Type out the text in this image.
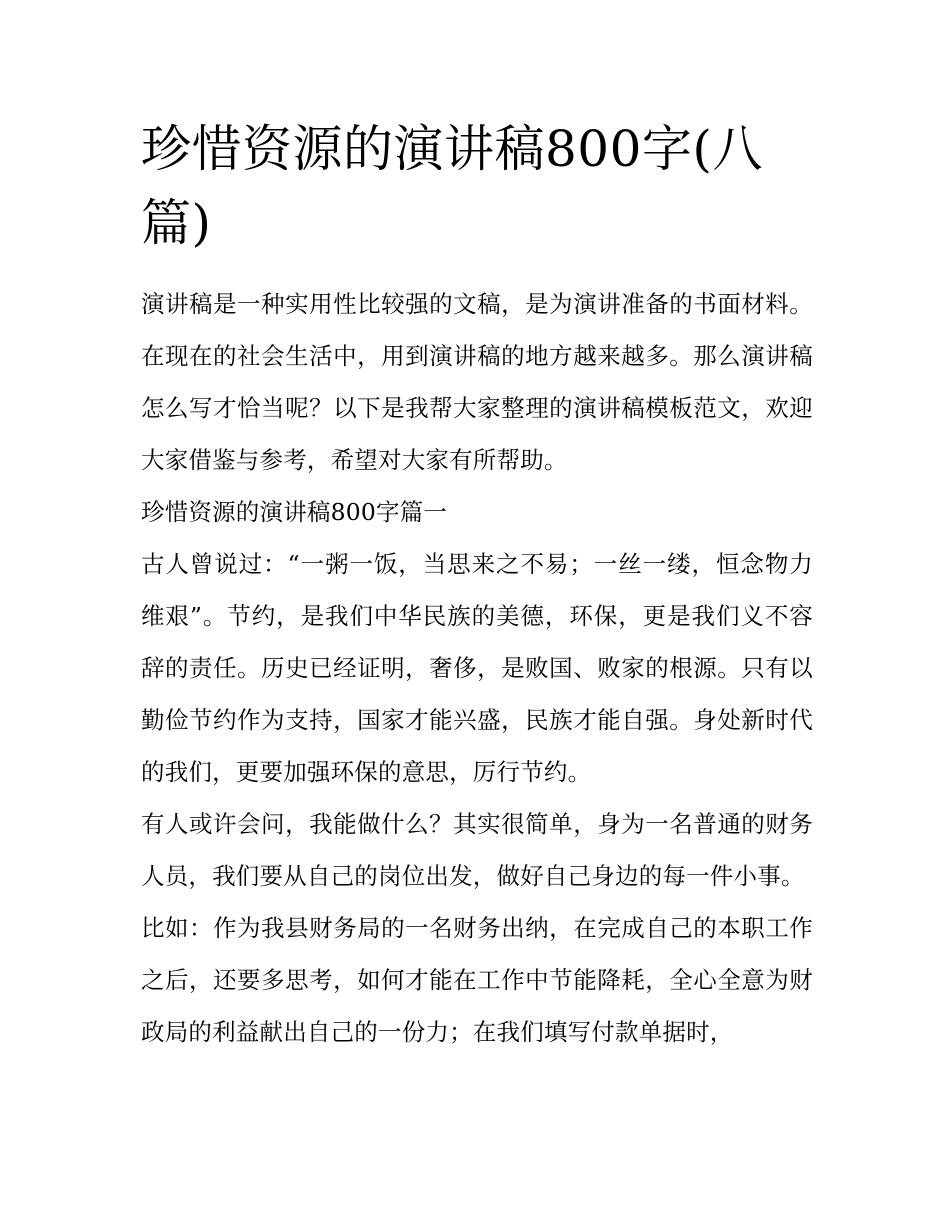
珍惜资源的演讲稿800字(八篇)

演讲稿是一种实用性比较强的文稿，是为演讲准备的书面材料。在现在的社会生活中，用到演讲稿的地方越来越多。那么演讲稿怎么写才恰当呢？以下是我帮大家整理的演讲稿模板范文，欢迎大家借鉴与参考，希望对大家有所帮助。

珍惜资源的演讲稿800字篇一

古人曾说过：“一粥一饭，当思来之不易；一丝一缕，恒念物力维艰”。节约，是我们中华民族的美德，环保，更是我们义不容辞的责任。历史已经证明，奢侈，是败国、败家的根源。只有以勤俭节约作为支持，国家才能兴盛，民族才能自强。身处新时代的我们，更要加强环保的意思，厉行节约。

有人或许会问，我能做什么？其实很简单，身为一名普通的财务人员，我们要从自己的岗位出发，做好自己身边的每一件小事。

比如：作为我县财务局的一名财务出纳，在完成自己的本职工作之后，还要多思考，如何才能在工作中节能降耗，全心全意为财政局的利益献出自己的一份力；在我们填写付款单据时，
